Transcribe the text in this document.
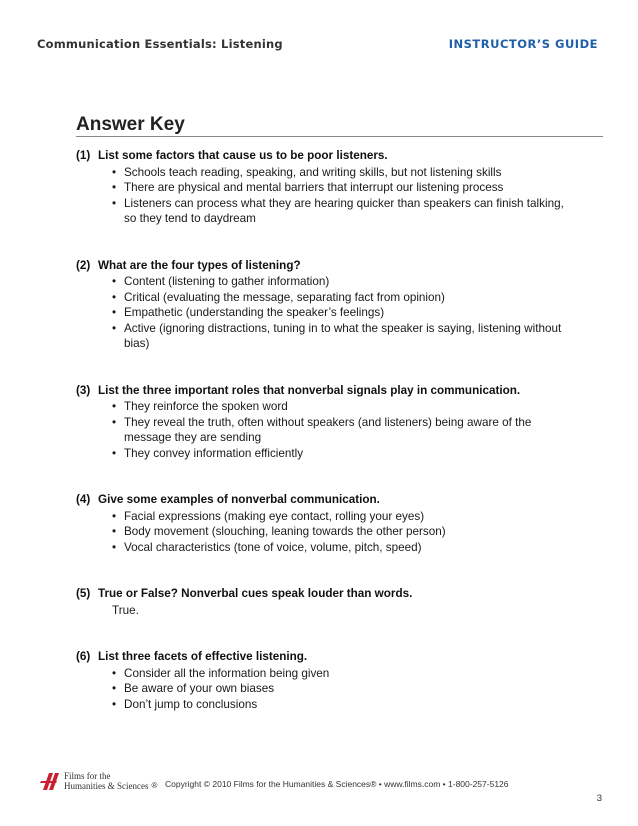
Communication Essentials: Listening	INSTRUCTOR’S GUIDE
Answer Key
(1) List some factors that cause us to be poor listeners.
• Schools teach reading, speaking, and writing skills, but not listening skills
• There are physical and mental barriers that interrupt our listening process
• Listeners can process what they are hearing quicker than speakers can finish talking, so they tend to daydream
(2) What are the four types of listening?
• Content (listening to gather information)
• Critical (evaluating the message, separating fact from opinion)
• Empathetic (understanding the speaker’s feelings)
• Active (ignoring distractions, tuning in to what the speaker is saying, listening without bias)
(3) List the three important roles that nonverbal signals play in communication.
• They reinforce the spoken word
• They reveal the truth, often without speakers (and listeners) being aware of the message they are sending
• They convey information efficiently
(4) Give some examples of nonverbal communication.
• Facial expressions (making eye contact, rolling your eyes)
• Body movement (slouching, leaning towards the other person)
• Vocal characteristics (tone of voice, volume, pitch, speed)
(5) True or False? Nonverbal cues speak louder than words.
True.
(6) List three facets of effective listening.
• Consider all the information being given
• Be aware of your own biases
• Don’t jump to conclusions
Films for the
Humanities & Sciences ® Copyright © 2010 Films for the Humanities & Sciences® • www.films.com • 1-800-257-5126
3
